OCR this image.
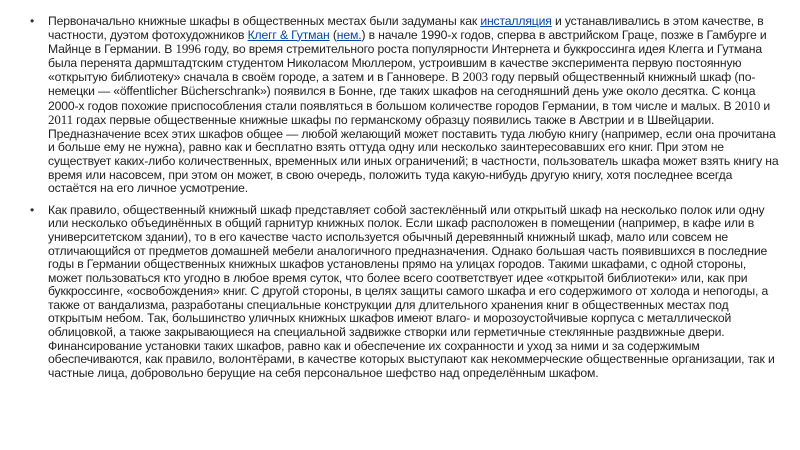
• Первоначально книжные шкафы в общественных местах были задуманы как инсталляция и устанавливались в этом качестве, в частности, дуэтом фотохудожников Клегг & Гутман (нем.) в начале 1990-х годов, сперва в австрийском Граце, позже в Гамбурге и Майнце в Германии. В 1996 году, во время стремительного роста популярности Интернета и буккроссинга идея Клегга и Гутмана была перенята дармштадтским студентом Николасом Мюллером, устроившим в качестве эксперимента первую постоянную «открытую библиотеку» сначала в своём городе, а затем и в Ганновере. В 2003 году первый общественный книжный шкаф (по-немецки — «öffentlicher Bücherschrank») появился в Бонне, где таких шкафов на сегодняшний день уже около десятка. С конца 2000-х годов похожие приспособления стали появляться в большом количестве городов Германии, в том числе и малых. В 2010 и 2011 годах первые общественные книжные шкафы по германскому образцу появились также в Австрии и в Швейцарии. Предназначение всех этих шкафов общее — любой желающий может поставить туда любую книгу (например, если она прочитана и больше ему не нужна), равно как и бесплатно взять оттуда одну или несколько заинтересовавших его книг. При этом не существует каких-либо количественных, временных или иных ограничений; в частности, пользователь шкафа может взять книгу на время или насовсем, при этом он может, в свою очередь, положить туда какую-нибудь другую книгу, хотя последнее всегда остаётся на его личное усмотрение.
• Как правило, общественный книжный шкаф представляет собой застеклённый или открытый шкаф на несколько полок или одну или несколько объединённых в общий гарнитур книжных полок. Если шкаф расположен в помещении (например, в кафе или в университетском здании), то в его качестве часто используется обычный деревянный книжный шкаф, мало или совсем не отличающийся от предметов домашней мебели аналогичного предназначения. Однако большая часть появившихся в последние годы в Германии общественных книжных шкафов установлены прямо на улицах городов. Такими шкафами, с одной стороны, может пользоваться кто угодно в любое время суток, что более всего соответствует идее «открытой библиотеки» или, как при буккроссинге, «освобождения» книг. С другой стороны, в целях защиты самого шкафа и его содержимого от холода и непогоды, а также от вандализма, разработаны специальные конструкции для длительного хранения книг в общественных местах под открытым небом. Так, большинство уличных книжных шкафов имеют влаго- и морозоустойчивые корпуса с металлической облицовкой, а также закрывающиеся на специальной задвижке створки или герметичные стеклянные раздвижные двери. Финансирование установки таких шкафов, равно как и обеспечение их сохранности и уход за ними и за содержимым обеспечиваются, как правило, волонтёрами, в качестве которых выступают как некоммерческие общественные организации, так и частные лица, добровольно берущие на себя персональное шефство над определённым шкафом.
